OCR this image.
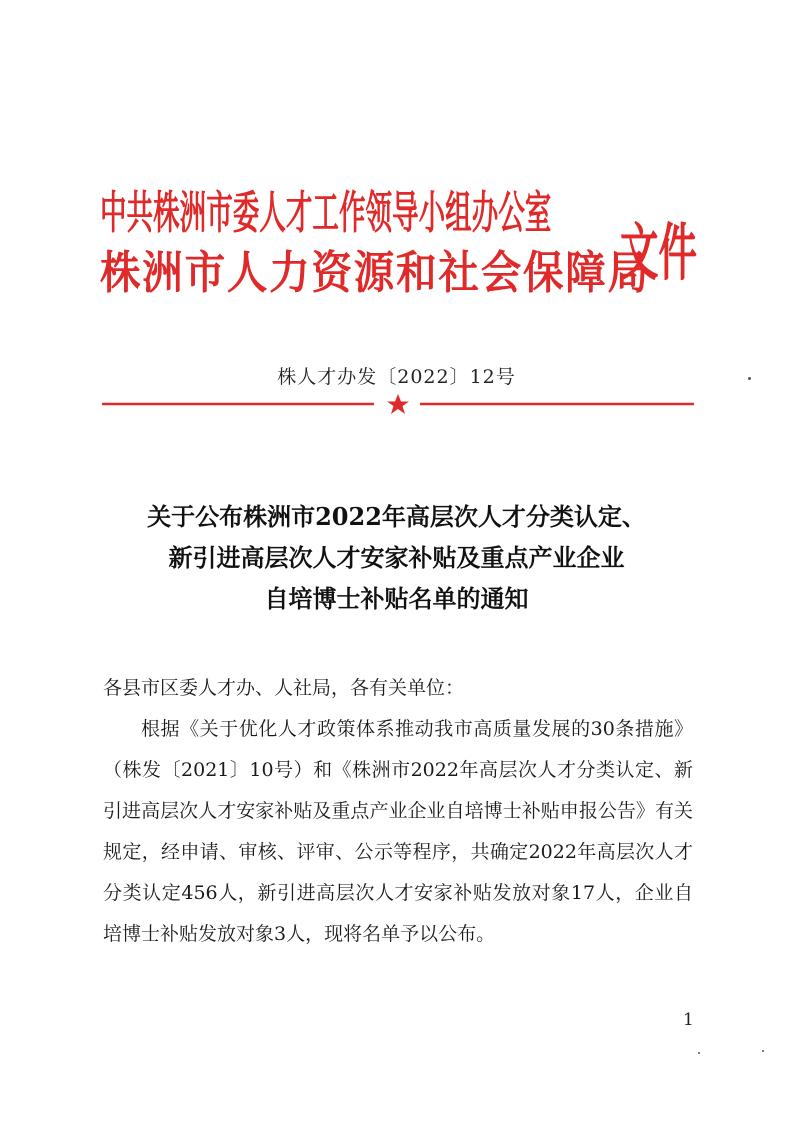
中共株洲市委人才工作领导小组办公室
株洲市人力资源和社会保障局
文件
株人才办发〔2022〕12号
关于公布株洲市2022年高层次人才分类认定、
新引进高层次人才安家补贴及重点产业企业
自培博士补贴名单的通知
各县市区委人才办、人社局，各有关单位：
根据《关于优化人才政策体系推动我市高质量发展的30条措施》（株发〔2021〕10号）和《株洲市2022年高层次人才分类认定、新引进高层次人才安家补贴及重点产业企业自培博士补贴申报公告》有关规定，经申请、审核、评审、公示等程序，共确定2022年高层次人才分类认定456人，新引进高层次人才安家补贴发放对象17人，企业自培博士补贴发放对象3人，现将名单予以公布。
1
